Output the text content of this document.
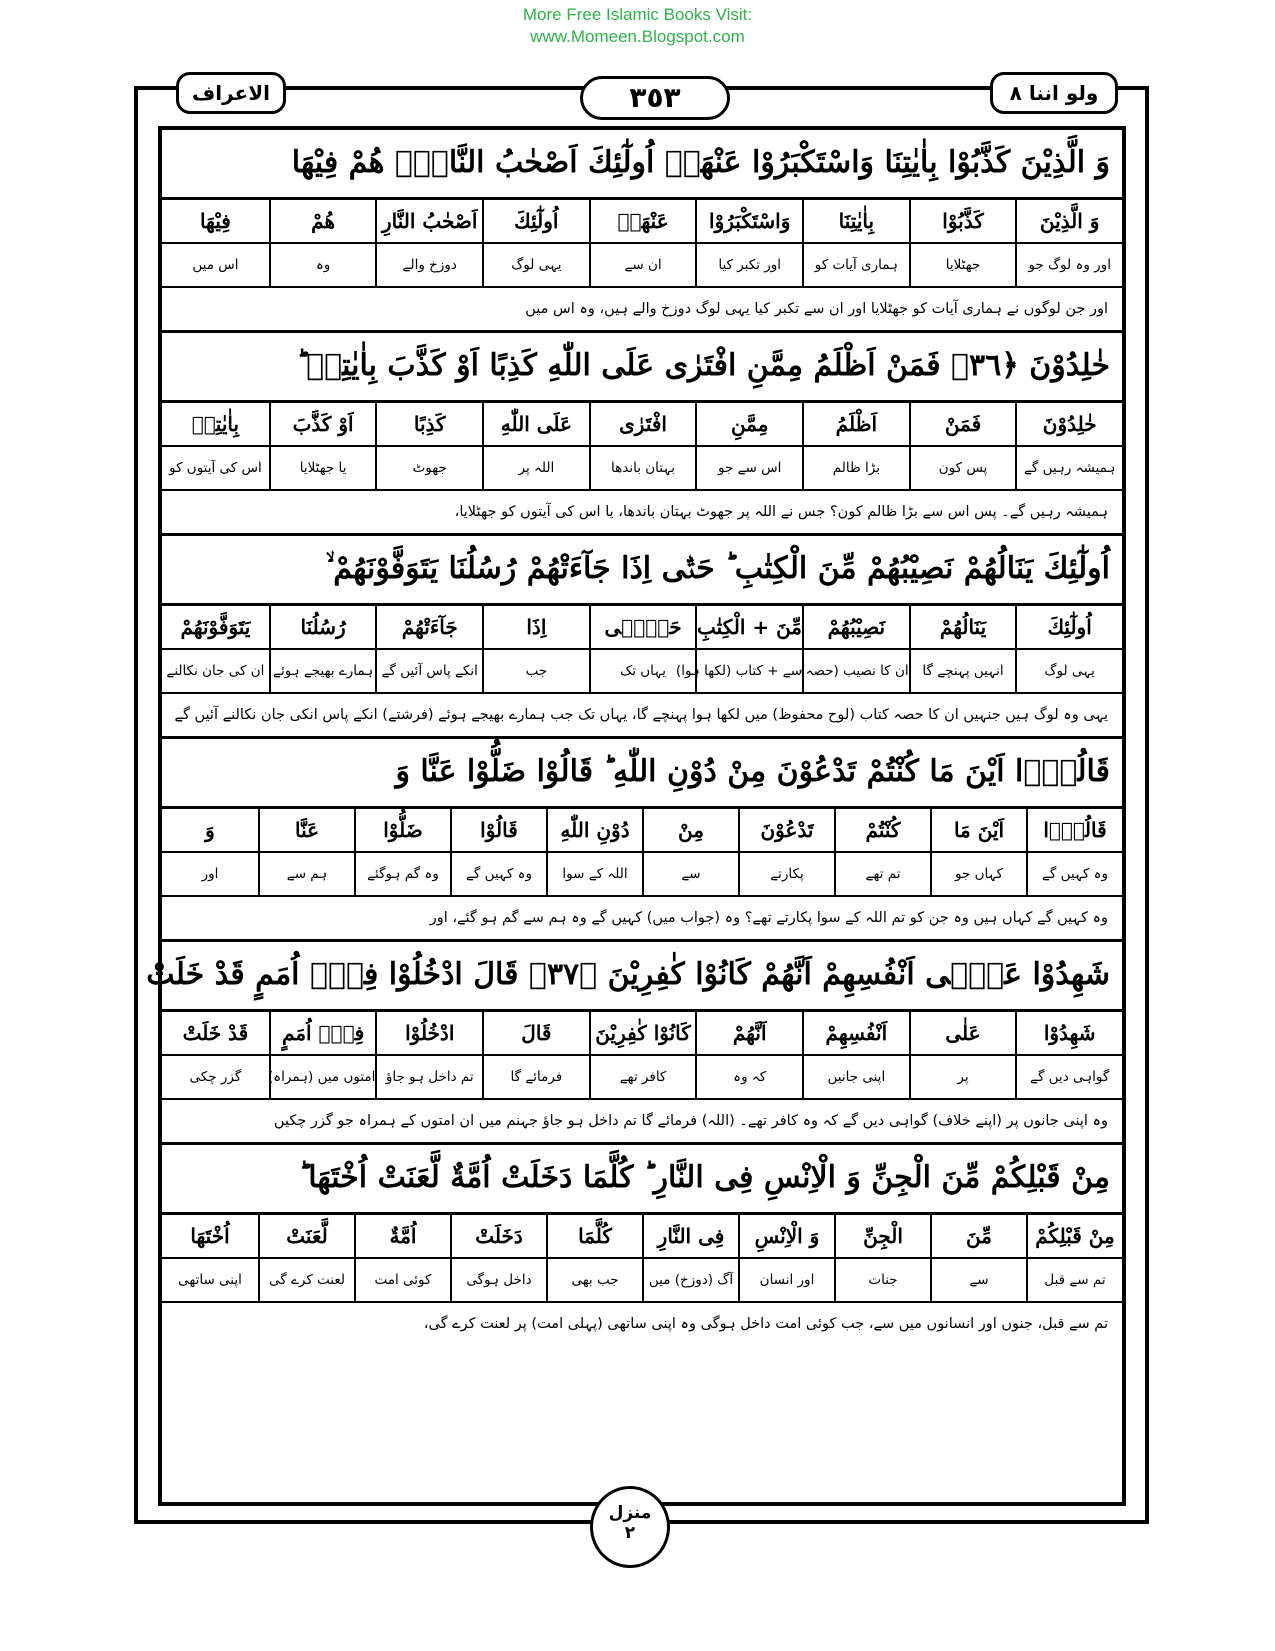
More Free Islamic Books Visit:
www.Momeen.Blogspot.com
الاعراف	٣٥٣	ولو اننا ٨
وَ الَّذِيْنَ كَذَّبُوْا بِاٰيٰتِنَا وَاسْتَكْبَرُوْا عَنْهَاۤ اُولٰٓئِكَ اَصْحٰبُ النَّارِۚ هُمْ فِيْهَا
وَ الَّذِيْنَ
كَذَّبُوْا
بِاٰيٰتِنَا
وَاسْتَكْبَرُوْا
عَنْهَاۤ
اُولٰٓئِكَ
اَصْحٰبُ النَّارِ
هُمْ
فِيْهَا
اور وہ لوگ جو
جھٹلایا
ہماری آیات کو
اور تکبر کیا
ان سے
یہی لوگ
دوزخ والے
وہ
اس میں
اور جن لوگوں نے ہماری آیات کو جھٹلایا اور ان سے تکبر کیا یہی لوگ دوزخ والے ہیں، وہ اس میں
خٰلِدُوْنَ ﴿٣٦﴾ فَمَنْ اَظْلَمُ مِمَّنِ افْتَرٰى عَلَى اللّٰهِ كَذِبًا اَوْ كَذَّبَ بِاٰيٰتِهٖ ؕ
خٰلِدُوْنَ
فَمَنْ
اَظْلَمُ
مِمَّنِ
افْتَرٰى
عَلَى اللّٰهِ
كَذِبًا
اَوْ كَذَّبَ
بِاٰيٰتِهٖ
ہمیشہ رہیں گے
پس کون
بڑا ظالم
اس سے جو
بہتان باندھا
اللہ پر
جھوٹ
یا جھٹلایا
اس کی آیتوں کو
ہمیشہ رہیں گے۔ پس اس سے بڑا ظالم کون؟ جس نے اللہ پر جھوٹ بہتان باندھا، یا اس کی آیتوں کو جھٹلایا،
اُولٰٓئِكَ يَنَالُهُمْ نَصِيْبُهُمْ مِّنَ الْكِتٰبِ ؕ حَتّٰۤى اِذَا جَآءَتْهُمْ رُسُلُنَا يَتَوَفَّوْنَهُمْ ۙ
اُولٰٓئِكَ
يَنَالُهُمْ
نَصِيْبُهُمْ
مِّنَ + الْكِتٰبِ
حَتّٰۤى
اِذَا
جَآءَتْهُمْ
رُسُلُنَا
يَتَوَفَّوْنَهُمْ
یہی لوگ
انہیں پہنچے گا
ان کا نصیب (حصہ)
سے + کتاب (لکھا ہوا)
یہاں تک
جب
انکے پاس آئیں گے
ہمارے بھیجے ہوئے
ان کی جان نکالنے
یہی وہ لوگ ہیں جنہیں ان کا حصہ کتاب (لوح محفوظ) میں لکھا ہوا پہنچے گا، یہاں تک جب ہمارے بھیجے ہوئے (فرشتے) انکے پاس انکی جان نکالنے آئیں گے
قَالُوْۤا اَيْنَ مَا كُنْتُمْ تَدْعُوْنَ مِنْ دُوْنِ اللّٰهِ ؕ قَالُوْا ضَلُّوْا عَنَّا وَ
قَالُوْۤا
اَيْنَ مَا
كُنْتُمْ
تَدْعُوْنَ
مِنْ
دُوْنِ اللّٰهِ
قَالُوْا
ضَلُّوْا
عَنَّا
وَ
وہ کہیں گے
کہاں جو
تم تھے
پکارتے
سے
اللہ کے سوا
وہ کہیں گے
وہ گم ہوگئے
ہم سے
اور
وہ کہیں گے کہاں ہیں وہ جن کو تم اللہ کے سوا پکارتے تھے؟ وہ (جواب میں) کہیں گے وہ ہم سے گم ہو گئے، اور
شَهِدُوْا عَلٰۤى اَنْفُسِهِمْ اَنَّهُمْ كَانُوْا كٰفِرِيْنَ ﴿٣٧﴾ قَالَ ادْخُلُوْا فِيْۤ اُمَمٍ قَدْ خَلَتْ
شَهِدُوْا
عَلٰى
اَنْفُسِهِمْ
اَنَّهُمْ
كَانُوْا كٰفِرِيْنَ
قَالَ
ادْخُلُوْا
فِيْۤ اُمَمٍ
قَدْ خَلَتْ
گواہی دیں گے
پر
اپنی جانیں
کہ وہ
کافر تھے
فرمائے گا
تم داخل ہو جاؤ
امتوں میں (ہمراہ)
گزر چکی
وہ اپنی جانوں پر (اپنے خلاف) گواہی دیں گے کہ وہ کافر تھے۔ (اللہ) فرمائے گا تم داخل ہو جاؤ جہنم میں ان امتوں کے ہمراہ جو گزر چکیں
مِنْ قَبْلِكُمْ مِّنَ الْجِنِّ وَ الْاِنْسِ فِى النَّارِ ؕ كُلَّمَا دَخَلَتْ اُمَّةٌ لَّعَنَتْ اُخْتَهَا ؕ
مِنْ قَبْلِكُمْ
مِّنَ
الْجِنِّ
وَ الْاِنْسِ
فِى النَّارِ
كُلَّمَا
دَخَلَتْ
اُمَّةٌ
لَّعَنَتْ
اُخْتَهَا
تم سے قبل
سے
جنات
اور انسان
آگ (دوزخ) میں
جب بھی
داخل ہوگی
کوئی امت
لعنت کرے گی
اپنی ساتھی
تم سے قبل، جنوں اور انسانوں میں سے، جب کوئی امت داخل ہوگی وہ اپنی ساتھی (پہلی امت) پر لعنت کرے گی،
منزل
٢
